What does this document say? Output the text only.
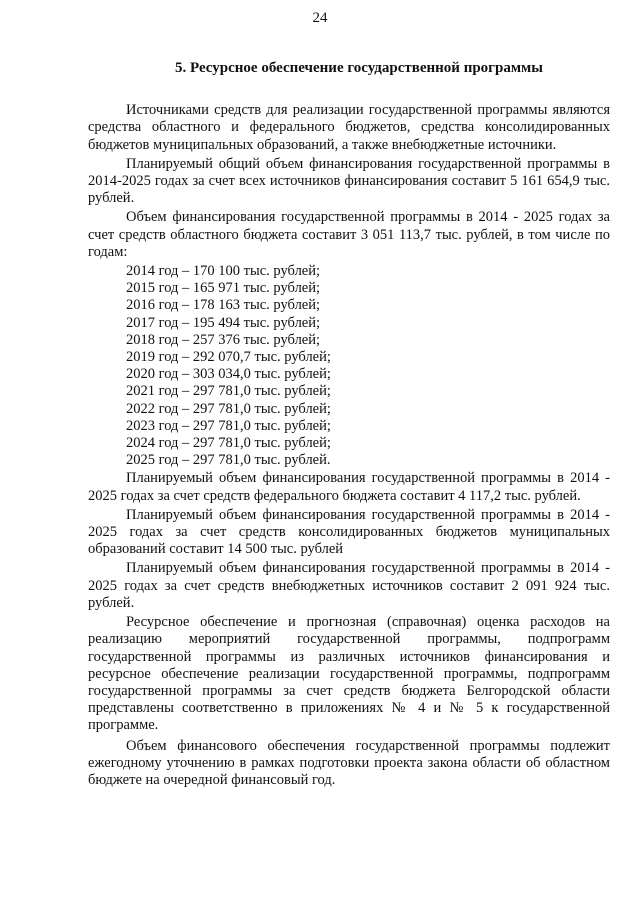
24
5. Ресурсное обеспечение государственной программы

Источниками средств для реализации государственной программы являются средства областного и федерального бюджетов, средства консолидированных бюджетов муниципальных образований, а также внебюджетные источники.

Планируемый общий объем финансирования государственной программы в 2014-2025 годах за счет всех источников финансирования составит 5 161 654,9 тыс. рублей.

Объем финансирования государственной программы в 2014 - 2025 годах за счет средств областного бюджета составит 3 051 113,7 тыс. рублей, в том числе по годам:

2014 год – 170 100 тыс. рублей;
2015 год – 165 971 тыс. рублей;
2016 год – 178 163 тыс. рублей;
2017 год – 195 494 тыс. рублей;
2018 год – 257 376 тыс. рублей;
2019 год – 292 070,7 тыс. рублей;
2020 год – 303 034,0 тыс. рублей;
2021 год – 297 781,0 тыс. рублей;
2022 год – 297 781,0 тыс. рублей;
2023 год – 297 781,0 тыс. рублей;
2024 год – 297 781,0 тыс. рублей;
2025 год – 297 781,0 тыс. рублей.

Планируемый объем финансирования государственной программы в 2014 - 2025 годах за счет средств федерального бюджета составит 4 117,2 тыс. рублей.

Планируемый объем финансирования государственной программы в 2014 - 2025 годах за счет средств консолидированных бюджетов муниципальных образований составит 14 500 тыс. рублей

Планируемый объем финансирования государственной программы в 2014 - 2025 годах за счет средств внебюджетных источников составит 2 091 924 тыс. рублей.

Ресурсное обеспечение и прогнозная (справочная) оценка расходов на реализацию мероприятий государственной программы, подпрограмм государственной программы из различных источников финансирования и ресурсное обеспечение реализации государственной программы, подпрограмм государственной программы за счет средств бюджета Белгородской области представлены соответственно в приложениях № 4 и № 5 к государственной программе.

Объем финансового обеспечения государственной программы подлежит ежегодному уточнению в рамках подготовки проекта закона области об областном бюджете на очередной финансовый год.
